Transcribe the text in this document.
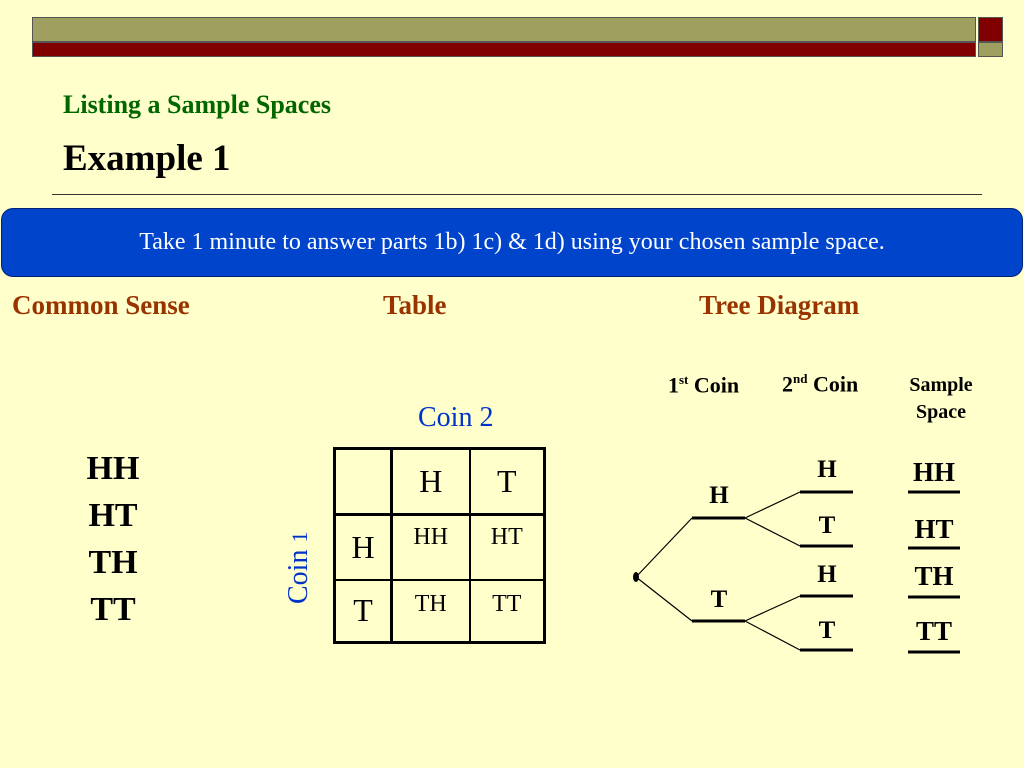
Listing a Sample Spaces
Example 1
Take 1 minute to answer parts 1b) 1c) & 1d) using your chosen sample space.
Common Sense	Table	Tree Diagram
HH
HT
TH
TT
Coin 2
Coin 1
	H	T
H	HH	HT
T	TH	TT
1st Coin 2nd Coin	Sample
Space
H
T
H
T
H
T
HH
HT
TH
TT
